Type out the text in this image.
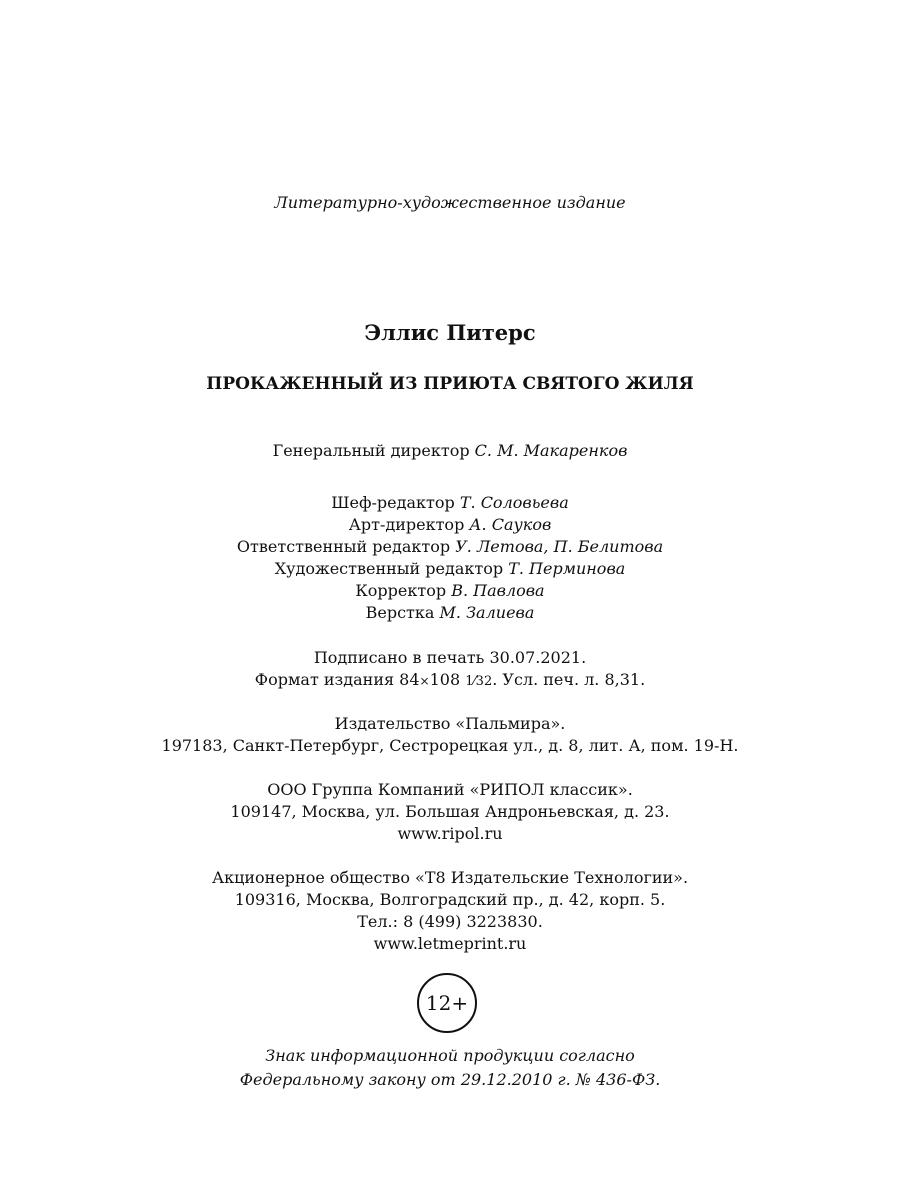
Литературно-художественное издание
Эллис Питерс
ПРОКАЖЕННЫЙ ИЗ ПРИЮТА СВЯТОГО ЖИЛЯ
Генеральный директор С. М. Макаренков
Шеф-редактор Т. Соловьева
Арт-директор А. Сауков
Ответственный редактор У. Летова, П. Белитова
Художественный редактор Т. Перминова
Корректор В. Павлова
Верстка М. Залиева
Подписано в печать 30.07.2021.
Формат издания 84×108 1⁄32. Усл. печ. л. 8,31.
Издательство «Пальмира».
197183, Санкт-Петербург, Сестрорецкая ул., д. 8, лит. А, пом. 19-Н.
ООО Группа Компаний «РИПОЛ классик».
109147, Москва, ул. Большая Андроньевская, д. 23.
www.ripol.ru
Акционерное общество «Т8 Издательские Технологии».
109316, Москва, Волгоградский пр., д. 42, корп. 5.
Тел.: 8 (499) 3223830.
www.letmeprint.ru
12+
Знак информационной продукции согласно
Федеральному закону от 29.12.2010 г. № 436-ФЗ.
